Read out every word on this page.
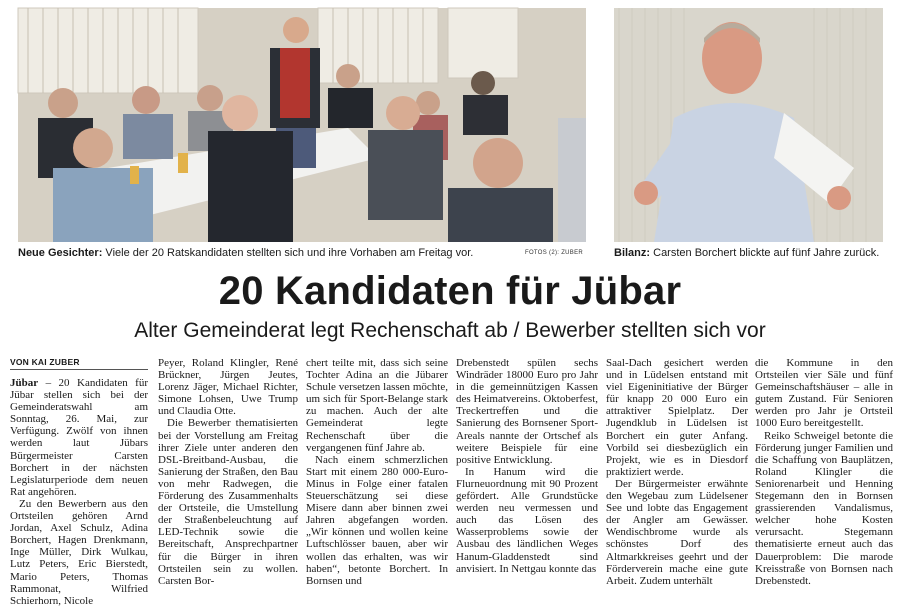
Neue Gesichter: Viele der 20 Ratskandidaten stellten sich und ihre Vorhaben am Freitag vor.	FOTOS (2): ZUBER	Bilanz: Carsten Borchert blickte auf fünf Jahre zurück.
20 Kandidaten für Jübar
Alter Gemeinderat legt Rechenschaft ab / Bewerber stellten sich vor
VON KAI ZUBER

Jübar – 20 Kandidaten für Jübar stellen sich bei der Gemeinderatswahl am Sonntag, 26. Mai, zur Verfügung. Zwölf von ihnen werden laut Jübars Bürgermeister Carsten Borchert in der nächsten Legislaturperiode dem neuen Rat angehören.

Zu den Bewerbern aus den Ortsteilen gehören Arnd Jordan, Axel Schulz, Adina Borchert, Hagen Drenkmann, Inge Müller, Dirk Wulkau, Lutz Peters, Eric Bierstedt, Mario Peters, Thomas Rammonat, Wilfried Schierhorn, Nicole

Peyer, Roland Klingler, René Brückner, Jürgen Jeutes, Lorenz Jäger, Michael Richter, Simone Lohsen, Uwe Trump und Claudia Otte.

Die Bewerber thematisierten bei der Vorstellung am Freitag ihrer Ziele unter anderen den DSL-Breitband-Ausbau, die Sanierung der Straßen, den Bau von mehr Radwegen, die Förderung des Zusammenhalts der Ortsteile, die Umstellung der Straßenbeleuchtung auf LED-Technik sowie die Bereitschaft, Ansprechpartner für die Bürger in ihren Ortsteilen sein zu wollen. Carsten Bor-

chert teilte mit, dass sich seine Tochter Adina an die Jübarer Schule versetzen lassen möchte, um sich für Sport-Belange stark zu machen. Auch der alte Gemeinderat legte Rechenschaft über die vergangenen fünf Jahre ab.

Nach einem schmerzlichen Start mit einem 280 000-Euro-Minus in Folge einer fatalen Steuerschätzung sei diese Misere dann aber binnen zwei Jahren abgefangen worden. „Wir können und wollen keine Luftschlösser bauen, aber wir wollen das erhalten, was wir haben“, betonte Borchert. In Bornsen und

Drebenstedt spülen sechs Windräder 18000 Euro pro Jahr in die gemeinnützigen Kassen des Heimatvereins. Oktoberfest, Treckertreffen und die Sanierung des Bornsener Sport-Areals nannte der Ortschef als weitere Beispiele für eine positive Entwicklung.

In Hanum wird die Flurneuordnung mit 90 Prozent gefördert. Alle Grundstücke werden neu vermessen und auch das Lösen des Wasserproblems sowie der Ausbau des ländlichen Weges Hanum-Gladdenstedt sind anvisiert. In Nettgau konnte das

Saal-Dach gesichert werden und in Lüdelsen entstand mit viel Eigeninitiative der Bürger für knapp 20 000 Euro ein attraktiver Spielplatz. Der Jugendklub in Lüdelsen ist Borchert ein guter Anfang. Vorbild sei diesbezüglich ein Projekt, wie es in Diesdorf praktiziert werde.

Der Bürgermeister erwähnte den Wegebau zum Lüdelsener See und lobte das Engagement der Angler am Gewässer. Wendischbrome wurde als schönstes Dorf des Altmarkkreises geehrt und der Förderverein mache eine gute Arbeit. Zudem unterhält

die Kommune in den Ortsteilen vier Säle und fünf Gemeinschaftshäuser – alle in gutem Zustand. Für Senioren werden pro Jahr je Ortsteil 1000 Euro bereitgestellt.

Reiko Schweigel betonte die Förderung junger Familien und die Schaffung von Bauplätzen, Roland Klingler die Seniorenarbeit und Henning Stegemann den in Bornsen grassierenden Vandalismus, welcher hohe Kosten verursacht. Stegemann thematisierte erneut auch das Dauerproblem: Die marode Kreisstraße von Bornsen nach Drebenstedt.
